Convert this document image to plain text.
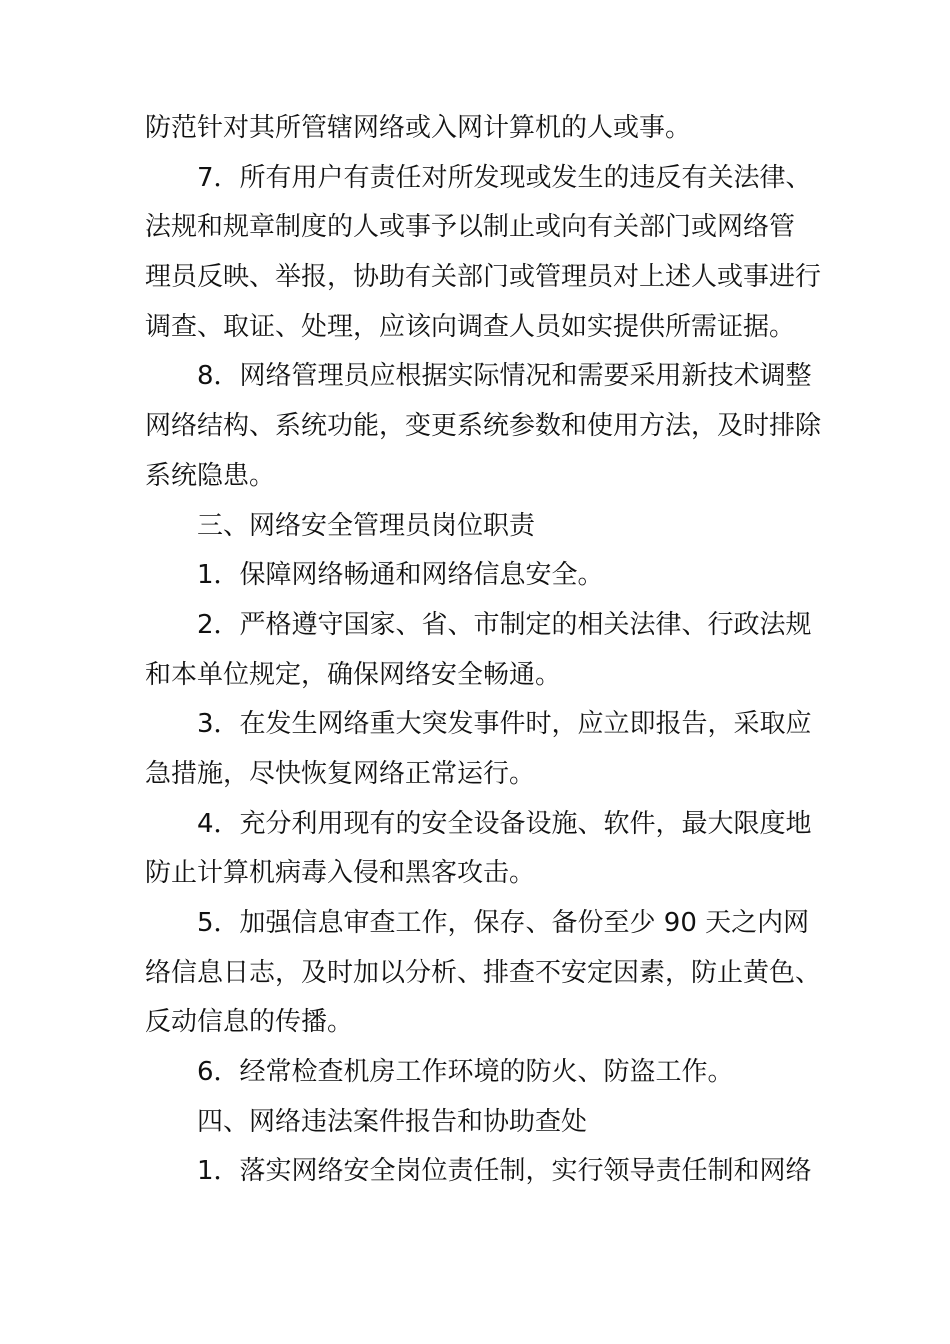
防范针对其所管辖网络或入网计算机的人或事。
7．所有用户有责任对所发现或发生的违反有关法律、
法规和规章制度的人或事予以制止或向有关部门或网络管
理员反映、举报，协助有关部门或管理员对上述人或事进行
调查、取证、处理，应该向调查人员如实提供所需证据。
8．网络管理员应根据实际情况和需要采用新技术调整
网络结构、系统功能，变更系统参数和使用方法，及时排除
系统隐患。
三、网络安全管理员岗位职责
1．保障网络畅通和网络信息安全。
2．严格遵守国家、省、市制定的相关法律、行政法规
和本单位规定，确保网络安全畅通。
3．在发生网络重大突发事件时，应立即报告，采取应
急措施，尽快恢复网络正常运行。
4．充分利用现有的安全设备设施、软件，最大限度地
防止计算机病毒入侵和黑客攻击。
5．加强信息审查工作，保存、备份至少 90 天之内网
络信息日志，及时加以分析、排查不安定因素，防止黄色、
反动信息的传播。
6．经常检查机房工作环境的防火、防盗工作。
四、网络违法案件报告和协助查处
1．落实网络安全岗位责任制，实行领导责任制和网络
